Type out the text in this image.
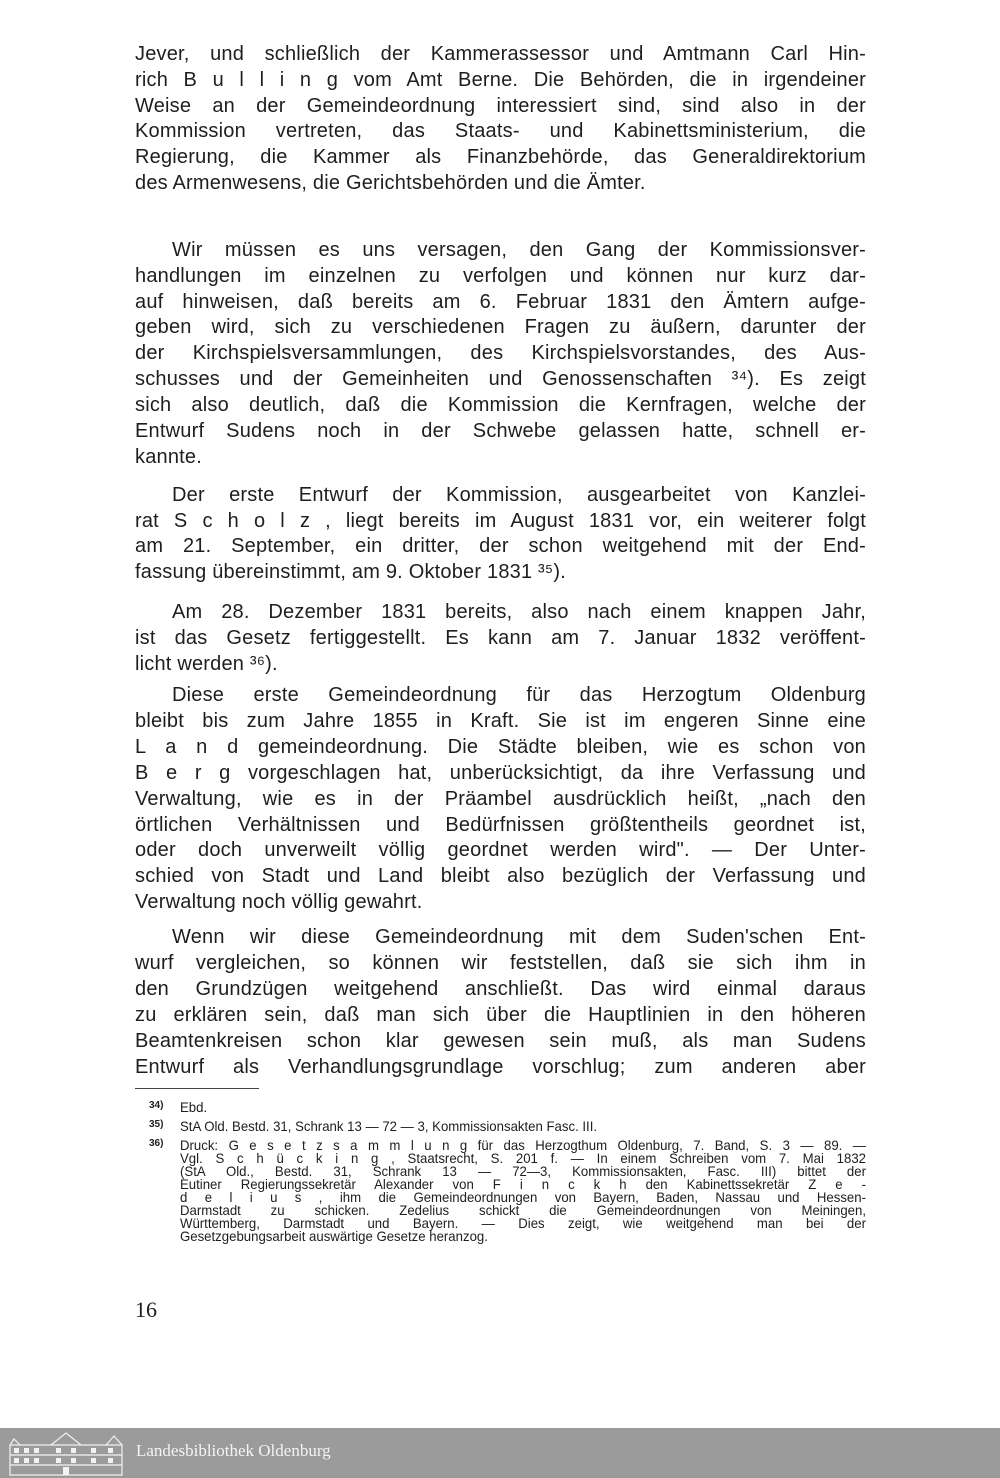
Jever, und schließlich der Kammerassessor und Amtmann Carl Hin-
rich B u l l i n g vom Amt Berne. Die Behörden, die in irgendeiner
Weise an der Gemeindeordnung interessiert sind, sind also in der
Kommission vertreten, das Staats- und Kabinettsministerium, die
Regierung, die Kammer als Finanzbehörde, das Generaldirektorium
des Armenwesens, die Gerichtsbehörden und die Ämter.
Wir müssen es uns versagen, den Gang der Kommissionsver-
handlungen im einzelnen zu verfolgen und können nur kurz dar-
auf hinweisen, daß bereits am 6. Februar 1831 den Ämtern aufge-
geben wird, sich zu verschiedenen Fragen zu äußern, darunter der
der Kirchspielsversammlungen, des Kirchspielsvorstandes, des Aus-
schusses und der Gemeinheiten und Genossenschaften ³⁴). Es zeigt
sich also deutlich, daß die Kommission die Kernfragen, welche der
Entwurf Sudens noch in der Schwebe gelassen hatte, schnell er-
kannte.
Der erste Entwurf der Kommission, ausgearbeitet von Kanzlei-
rat S c h o l z , liegt bereits im August 1831 vor, ein weiterer folgt
am 21. September, ein dritter, der schon weitgehend mit der End-
fassung übereinstimmt, am 9. Oktober 1831 ³⁵).
Am 28. Dezember 1831 bereits, also nach einem knappen Jahr,
ist das Gesetz fertiggestellt. Es kann am 7. Januar 1832 veröffent-
licht werden ³⁶).
Diese erste Gemeindeordnung für das Herzogtum Oldenburg
bleibt bis zum Jahre 1855 in Kraft. Sie ist im engeren Sinne eine
L a n d gemeindeordnung. Die Städte bleiben, wie es schon von
B e r g vorgeschlagen hat, unberücksichtigt, da ihre Verfassung und
Verwaltung, wie es in der Präambel ausdrücklich heißt, „nach den
örtlichen Verhältnissen und Bedürfnissen größtentheils geordnet ist,
oder doch unverweilt völlig geordnet werden wird". — Der Unter-
schied von Stadt und Land bleibt also bezüglich der Verfassung und
Verwaltung noch völlig gewahrt.
Wenn wir diese Gemeindeordnung mit dem Suden'schen Ent-
wurf vergleichen, so können wir feststellen, daß sie sich ihm in
den Grundzügen weitgehend anschließt. Das wird einmal daraus
zu erklären sein, daß man sich über die Hauptlinien in den höheren
Beamtenkreisen schon klar gewesen sein muß, als man Sudens
Entwurf als Verhandlungsgrundlage vorschlug; zum anderen aber
34) Ebd.
35) StA Old. Bestd. 31, Schrank 13 — 72 — 3, Kommissionsakten Fasc. III.
36) Druck: G e s e t z s a m m l u n g für das Herzogthum Oldenburg, 7. Band, S. 3 — 89. —
Vgl. S c h ü c k i n g , Staatsrecht, S. 201 f. — In einem Schreiben vom 7. Mai 1832
(StA Old., Bestd. 31, Schrank 13 — 72—3, Kommissionsakten, Fasc. III) bittet der
Eutiner Regierungssekretär Alexander von F i n c k h den Kabinettssekretär Z e -
d e l i u s , ihm die Gemeindeordnungen von Bayern, Baden, Nassau und Hessen-
Darmstadt zu schicken. Zedelius schickt die Gemeindeordnungen von Meiningen,
Württemberg, Darmstadt und Bayern. — Dies zeigt, wie weitgehend man bei der
Gesetzgebungsarbeit auswärtige Gesetze heranzog.
16
Landesbibliothek Oldenburg
